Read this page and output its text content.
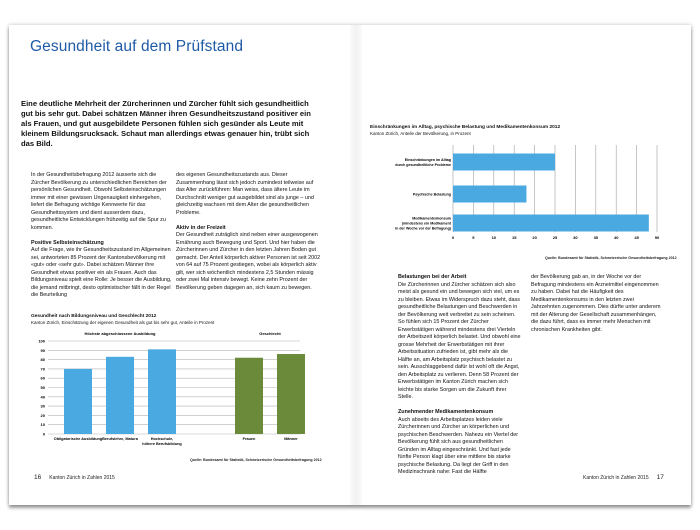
Gesundheit auf dem Prüfstand
Eine deutliche Mehrheit der Zürcherinnen und Zürcher fühlt sich gesundheitlich gut bis sehr gut. Dabei schätzen Männer ihren Gesundheitszustand positiver ein als Frauen, und gut ausgebildete Personen fühlen sich gesünder als Leute mit kleinem Bildungsrucksack. Schaut man allerdings etwas genauer hin, trübt sich das Bild.

In der Gesundheitsbefragung 2012 äusserte sich die Zürcher Bevölkerung zu unterschiedlichen Bereichen der persönlichen Gesundheit. Obwohl Selbsteinschätzungen immer mit einer gewissen Ungenauigkeit einhergehen, liefert die Befragung wichtige Kennwerte für das Gesundheitssystem und dient ausserdem dazu, gesundheitliche Entwicklungen frühzeitig auf die Spur zu kommen.

Positive Selbsteinschätzung

Auf die Frage, wie ihr Gesundheitszustand im Allgemeinen sei, antworteten 85 Prozent der Kantonsbevölkerung mit «gut» oder «sehr gut». Dabei schätzen Männer ihre Gesundheit etwas positiver ein als Frauen. Auch das Bildungsniveau spielt eine Rolle: Je besser die Ausbildung, die jemand mitbringt, desto optimistischer fällt in der Regel die Beurteilung

des eigenen Gesundheitszustands aus. Dieser Zusammenhang lässt sich jedoch zumindest teilweise auf das Alter zurückführen: Man weiss, dass ältere Leute im Durchschnitt weniger gut ausgebildet sind als junge – und gleichzeitig wachsen mit dem Alter die gesundheitlichen Probleme.

Aktiv in der Freizeit

Der Gesundheit zuträglich sind neben einer ausgewogenen Ernährung auch Bewegung und Sport. Und hier haben die Zürcherinnen und Zürcher in den letzten Jahren Boden gut gemacht. Der Anteil körperlich aktiver Personen ist seit 2002 von 64 auf 75 Prozent gestiegen, wobei als körperlich aktiv gilt, wer sich wöchentlich mindestens 2,5 Stunden mässig oder zwei Mal intensiv bewegt. Keine zehn Prozent der Bevölkerung geben dagegen an, sich kaum zu bewegen.

Gesundheit nach Bildungsniveau und Geschlecht 2012
Kanton Zürich, Einschätzung der eigenen Gesundheit als gut bis sehr gut, Anteile in Prozent
0
10
20
30
40
50
60
70
80
90
100
Obligatorische Ausbildung Berufslehre, Matura	Hochschule,
höhere Berufsbildung
Frauen	Männer
Höchste abgeschlossene Ausbildung	Geschlecht
Quelle: Bundesamt für Statistik, Schweizerische Gesundheitsbefragung 2012
16 Kanton Zürich in Zahlen 2015
Einschränkungen im Alltag, psychische Belastung und Medikamentenkonsum 2012
Kanton Zürich, Anteile der Bevölkerung, in Prozent
0	5	10	15	20	25	30	35	40	45	50
Einschränkungen im Alltag
durch gesundheitliche Probleme
Psychische Belastung
Medikamentenkonsum
(mindestens ein Medikament
in der Woche vor der Befragung)
Quelle: Bundesamt für Statistik, Schweizerische Gesundheitsbefragung 2012
Belastungen bei der Arbeit

Die Zürcherinnen und Zürcher schätzen sich also meist als gesund ein und bewegen sich viel, um es zu bleiben. Etwas im Widerspruch dazu steht, dass gesundheitliche Belastungen und Beschwerden in der Bevölkerung weit verbreitet zu sein scheinen. So fühlen sich 15 Prozent der Zürcher Erwerbstätigen während mindestens drei Vierteln der Arbeitszeit körperlich belastet. Und obwohl eine grosse Mehrheit der Erwerbstätigen mit ihrer Arbeitssituation zufrieden ist, gibt mehr als die Hälfte an, am Arbeitsplatz psychisch belastet zu sein. Ausschlaggebend dafür ist wohl oft die Angst, den Arbeitsplatz zu verlieren. Denn 58 Prozent der Erwerbstätigen im Kanton Zürich machen sich leichte bis starke Sorgen um die Zukunft ihrer Stelle.

Zunehmender Medikamentenkonsum

Auch abseits des Arbeitsplatzes leiden viele Zürcherinnen und Zürcher an körperlichen und psychischen Beschwerden. Nahezu ein Viertel der Bevölkerung fühlt sich aus gesundheitlichen Gründen im Alltag eingeschränkt. Und fast jede fünfte Person klagt über eine mittlere bis starke psychische Belastung. Da liegt der Griff in den Medizinschrank nahe: Fast die Hälfte

der Bevölkerung gab an, in der Woche vor der Befragung mindestens ein Arzneimittel eingenommen zu haben. Dabei hat die Häufigkeit des Medikamentenkonsums in den letzten zwei Jahrzehnten zugenommen. Dies dürfte unter anderem mit der Alterung der Gesellschaft zusammenhängen, die dazu führt, dass es immer mehr Menschen mit chronischen Krankheiten gibt.

Kanton Zürich in Zahlen 2015 17
